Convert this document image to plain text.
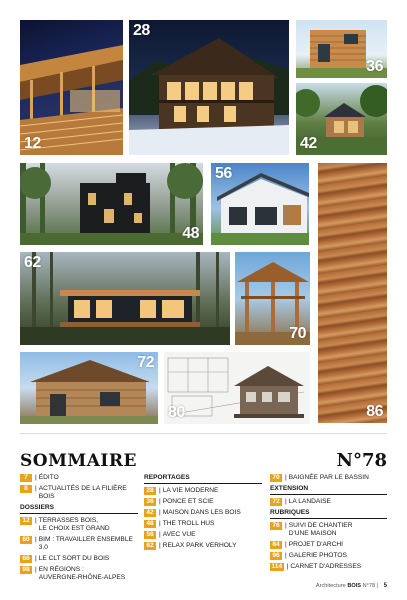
12
28
36
42
48
56
86
62
70
72
80
SOMMAIRE	N°78
7	| ÉDITO
8	| ACTUALITÉS DE LA FILIÈRE BOIS
DOSSIERS
12 | TERRASSES BOIS,
LE CHOIX EST GRAND
60 | BIM : TRAVAILLER ENSEMBLE 3.0
66 | LE CLT SORT DU BOIS
98 | EN RÉGIONS :
AUVERGNE-RHÔNE-ALPES
REPORTAGES
28 | LA VIE MODERNE
36 | PONCE ET SCIE
42 | MAISON DANS LES BOIS
48 | THE TROLL HUS
56 | AVEC VUE
62 | RELAX PARK VERHOLY
70 | BAIGNÉE PAR LE BASSIN
EXTENSION
72 | LA LANDAISE
RUBRIQUES
76 | SUIVI DE CHANTIER
D'UNE MAISON
84 | PROJET D'ARCHI
96 | GALERIE PHOTOS
114 | CARNET D'ADRESSES
Architecture BOIS N°78 | 5
